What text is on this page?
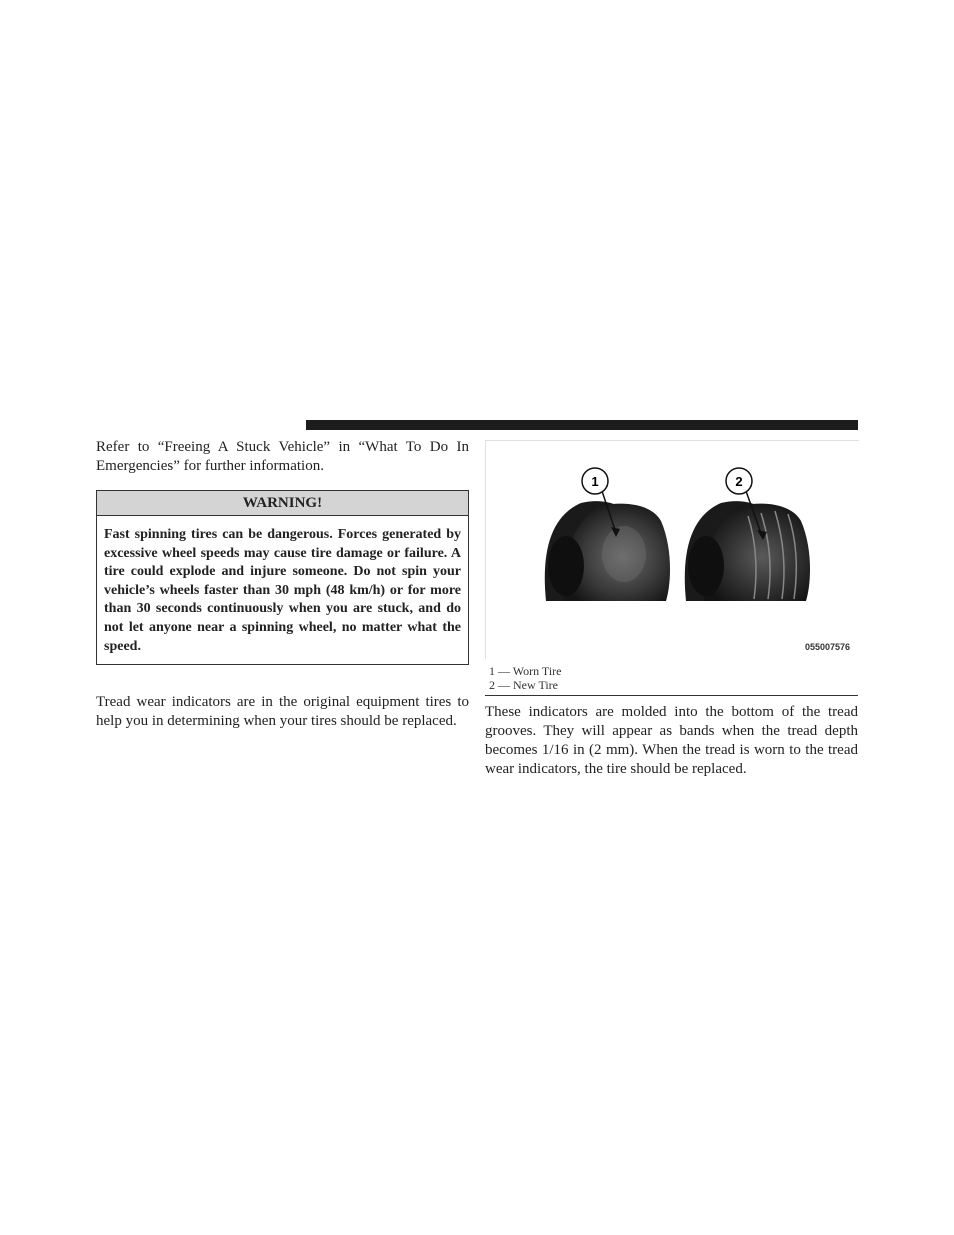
Refer to “Freeing A Stuck Vehicle” in “What To Do In Emergencies” for further information.

WARNING!
Fast spinning tires can be dangerous. Forces generated by excessive wheel speeds may cause tire damage or failure. A tire could explode and injure someone. Do not spin your vehicle’s wheels faster than 30 mph (48 km/h) or for more than 30 seconds continuously when you are stuck, and do not let anyone near a spinning wheel, no matter what the speed.

Tread wear indicators are in the original equipment tires to help you in determining when your tires should be replaced.

1	2
055007576
1 — Worn Tire
2 — New Tire

These indicators are molded into the bottom of the tread grooves. They will appear as bands when the tread depth becomes 1/16 in (2 mm). When the tread is worn to the tread wear indicators, the tire should be replaced.
